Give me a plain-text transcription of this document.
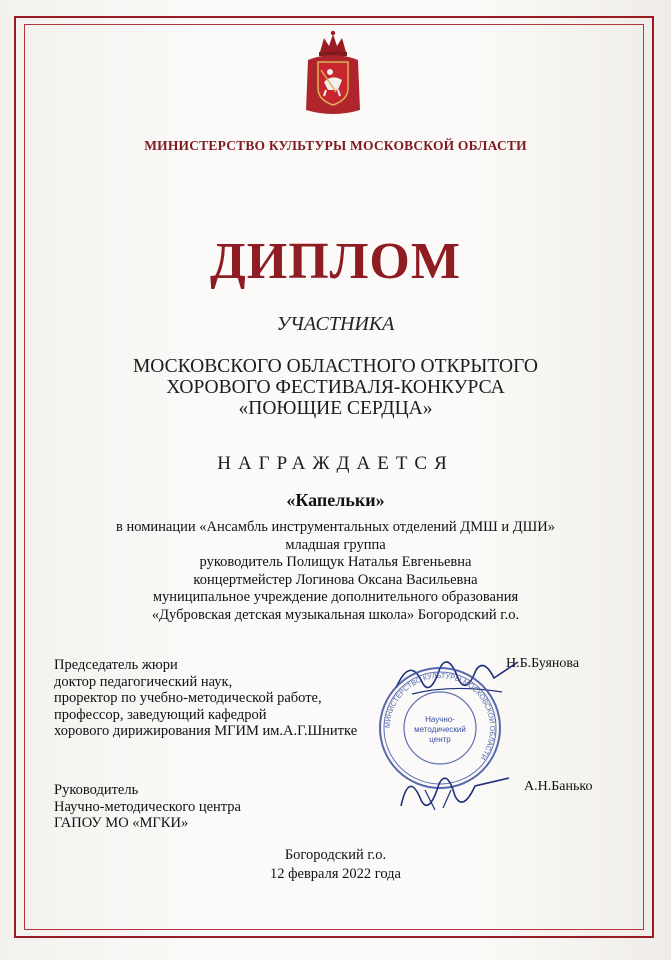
МИНИСТЕРСТВО КУЛЬТУРЫ МОСКОВСКОЙ ОБЛАСТИ
ДИПЛОМ
УЧАСТНИКА
МОСКОВСКОГО ОБЛАСТНОГО ОТКРЫТОГО
ХОРОВОГО ФЕСТИВАЛЯ-КОНКУРСА
«ПОЮЩИЕ СЕРДЦА»
НАГРАЖДАЕТСЯ
«Капельки»
в номинации «Ансамбль инструментальных отделений ДМШ и ДШИ»
младшая группа
руководитель Полищук Наталья Евгеньевна
концертмейстер Логинова Оксана Васильевна
муниципальное учреждение дополнительного образования
«Дубровская детская музыкальная школа» Богородский г.о.
Председатель жюри
доктор педагогический наук,
проректор по учебно-методической работе,
профессор, заведующий кафедрой
хорового дирижирования МГИМ им.А.Г.Шнитке
Руководитель
Научно-методического центра
ГАПОУ МО «МГКИ»
Н.Б.Буянова
МИНИСТЕРСТВО КУЛЬТУРЫ МОСКОВСКОЙ ОБЛАСТИ
Научно-
методический
центр
А.Н.Банько
Богородский г.о.
12 февраля 2022 года
